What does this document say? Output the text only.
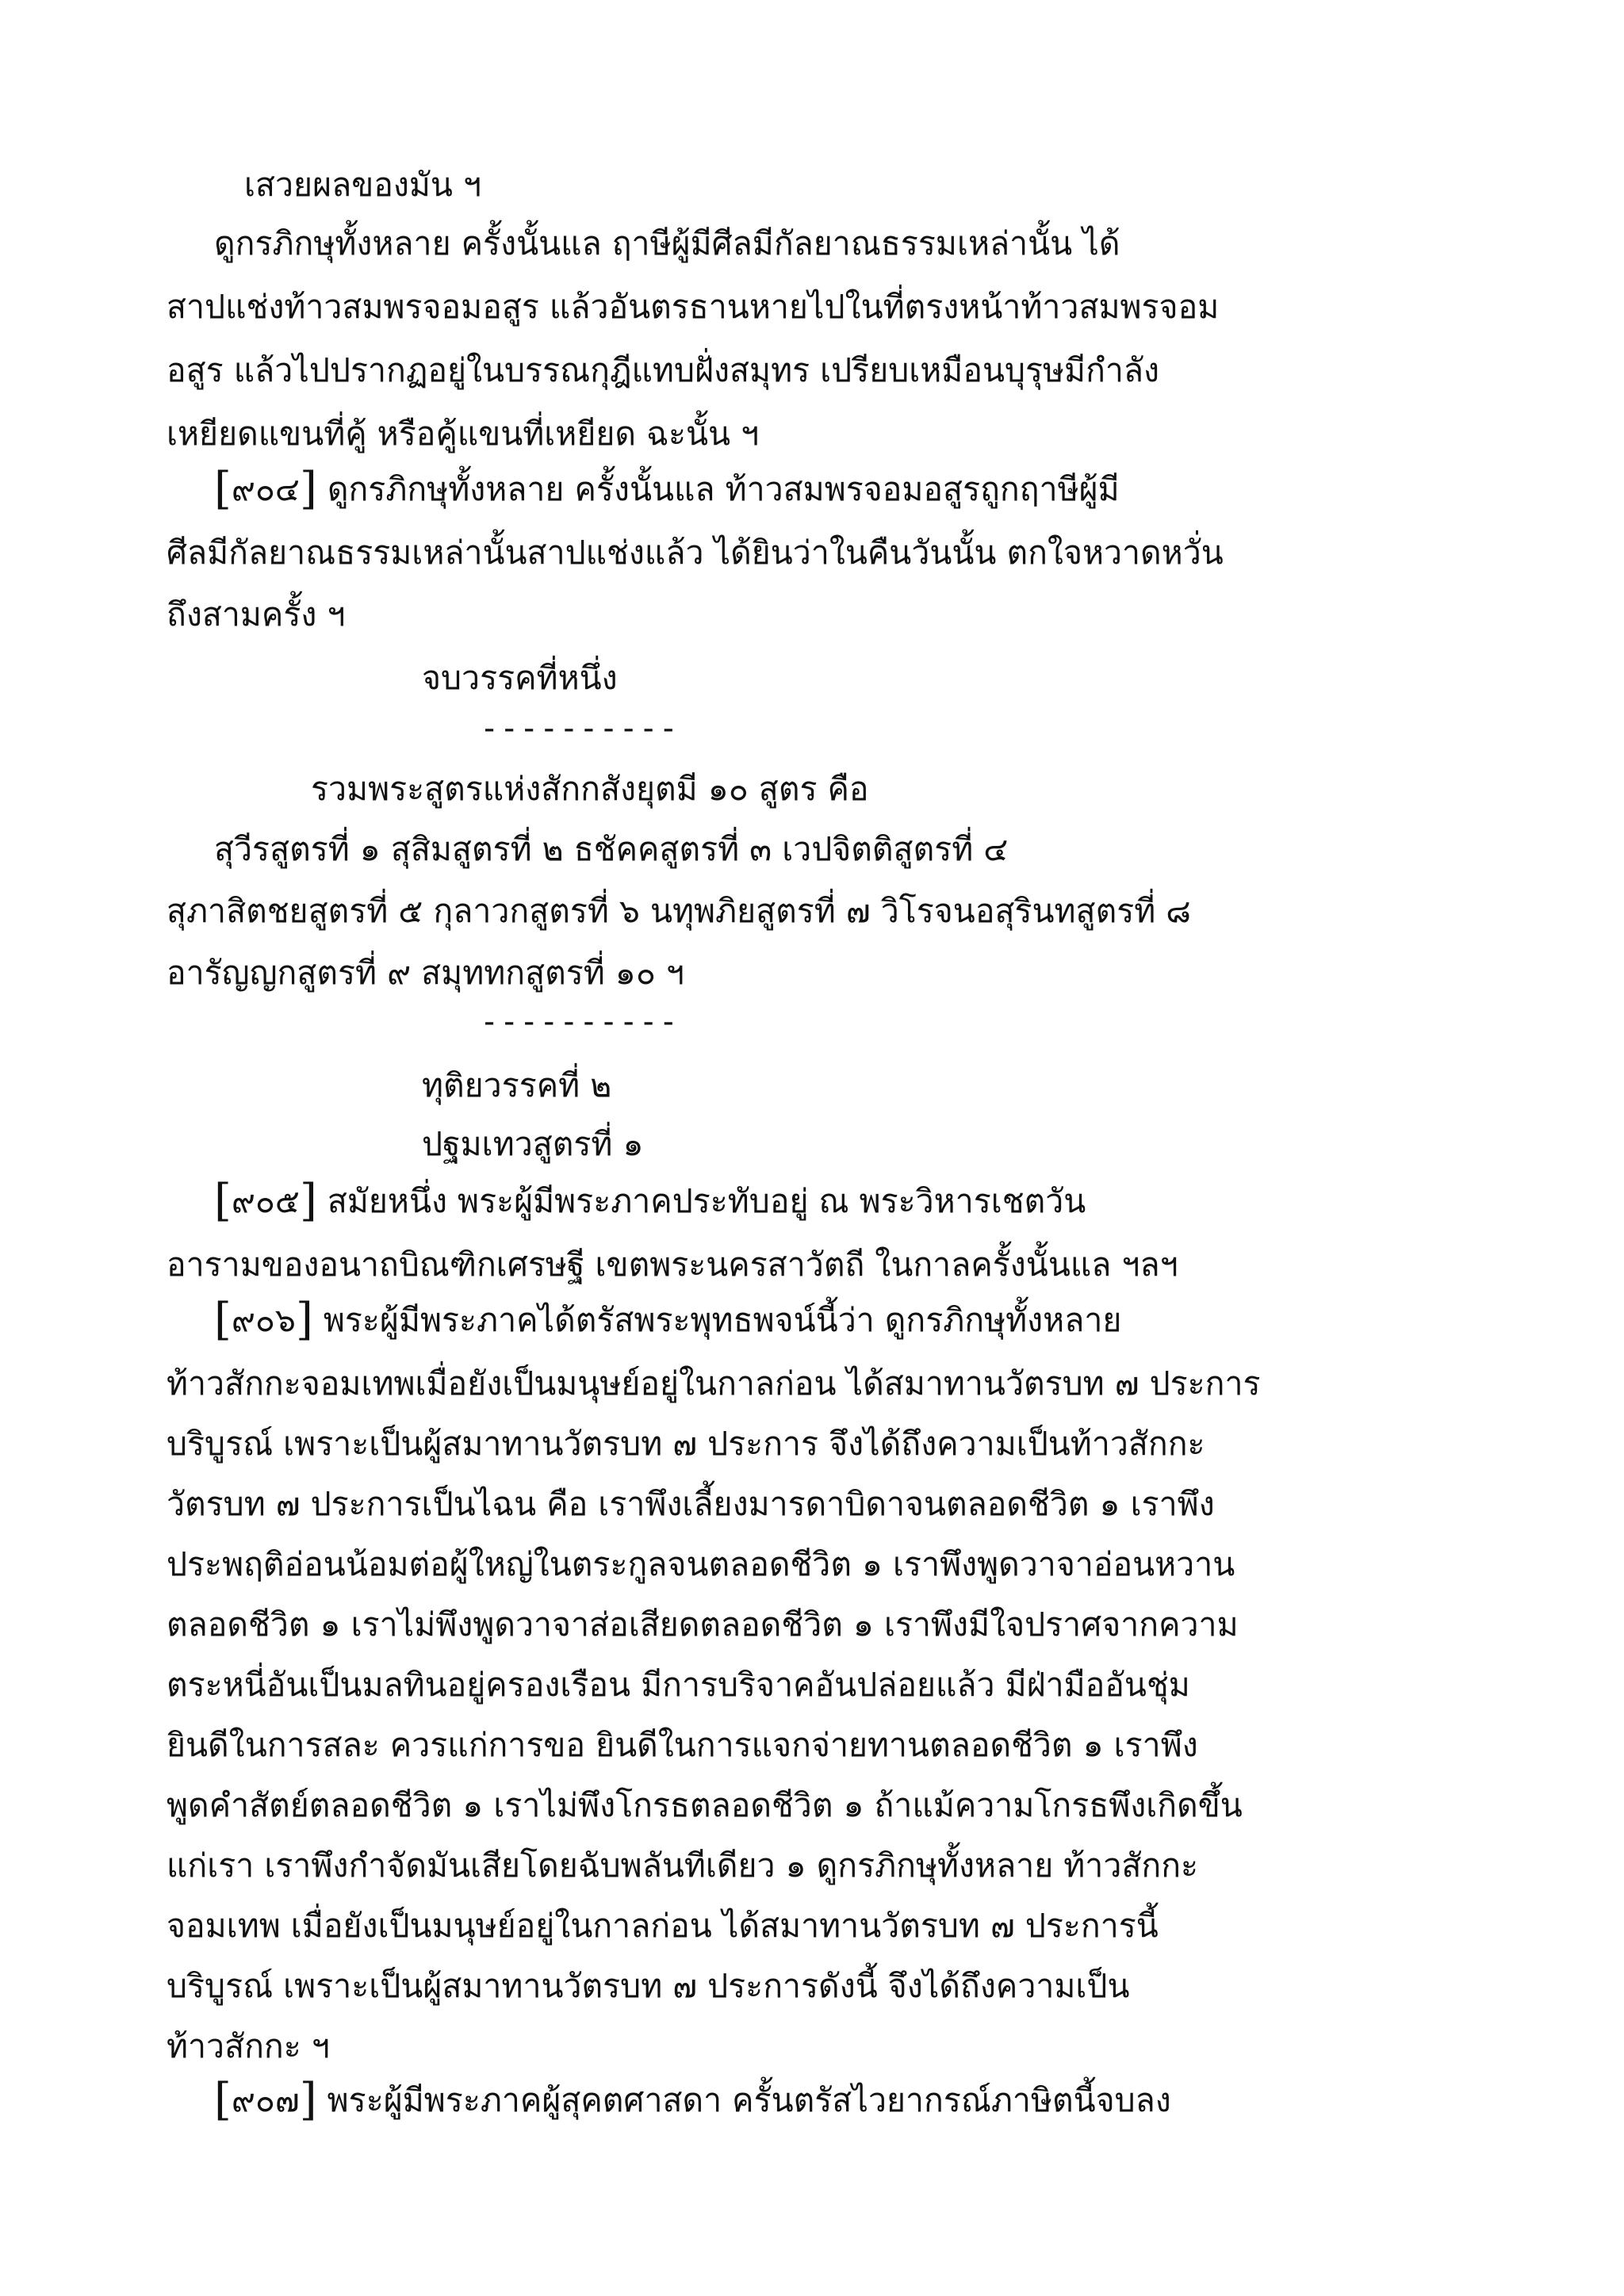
เสวยผลของมัน ฯ
ดูกรภิกษุทั้งหลาย ครั้งนั้นแล ฤาษีผู้มีศีลมีกัลยาณธรรมเหล่านั้น ได้
สาปแช่งท้าวสมพรจอมอสูร แล้วอันตรธานหายไปในที่ตรงหน้าท้าวสมพรจอม
อสูร แล้วไปปรากฏอยู่ในบรรณกุฎีแทบฝั่งสมุทร เปรียบเหมือนบุรุษมีกำลัง
เหยียดแขนที่คู้ หรือคู้แขนที่เหยียด ฉะนั้น ฯ
[๙๐๔] ดูกรภิกษุทั้งหลาย ครั้งนั้นแล ท้าวสมพรจอมอสูรถูกฤาษีผู้มี
ศีลมีกัลยาณธรรมเหล่านั้นสาปแช่งแล้ว ได้ยินว่าในคืนวันนั้น ตกใจหวาดหวั่น
ถึงสามครั้ง ฯ
จบวรรคที่หนึ่ง
----------
รวมพระสูตรแห่งสักกสังยุตมี ๑๐ สูตร คือ
สุวีรสูตรที่ ๑ สุสิมสูตรที่ ๒ ธชัคคสูตรที่ ๓ เวปจิตติสูตรที่ ๔
สุภาสิตชยสูตรที่ ๕ กุลาวกสูตรที่ ๖ นทุพภิยสูตรที่ ๗ วิโรจนอสุรินทสูตรที่ ๘
อารัญญกสูตรที่ ๙ สมุททกสูตรที่ ๑๐ ฯ
----------
ทุติยวรรคที่ ๒
ปฐมเทวสูตรที่ ๑
[๙๐๕] สมัยหนึ่ง พระผู้มีพระภาคประทับอยู่ ณ พระวิหารเชตวัน
อารามของอนาถบิณฑิกเศรษฐี เขตพระนครสาวัตถี ในกาลครั้งนั้นแล ฯลฯ
[๙๐๖] พระผู้มีพระภาคได้ตรัสพระพุทธพจน์นี้ว่า ดูกรภิกษุทั้งหลาย
ท้าวสักกะจอมเทพเมื่อยังเป็นมนุษย์อยู่ในกาลก่อน ได้สมาทานวัตรบท ๗ ประการ
บริบูรณ์ เพราะเป็นผู้สมาทานวัตรบท ๗ ประการ จึงได้ถึงความเป็นท้าวสักกะ
วัตรบท ๗ ประการเป็นไฉน คือ เราพึงเลี้ยงมารดาบิดาจนตลอดชีวิต ๑ เราพึง
ประพฤติอ่อนน้อมต่อผู้ใหญ่ในตระกูลจนตลอดชีวิต ๑ เราพึงพูดวาจาอ่อนหวาน
ตลอดชีวิต ๑ เราไม่พึงพูดวาจาส่อเสียดตลอดชีวิต ๑ เราพึงมีใจปราศจากความ
ตระหนี่อันเป็นมลทินอยู่ครองเรือน มีการบริจาคอันปล่อยแล้ว มีฝ่ามืออันชุ่ม
ยินดีในการสละ ควรแก่การขอ ยินดีในการแจกจ่ายทานตลอดชีวิต ๑ เราพึง
พูดคำสัตย์ตลอดชีวิต ๑ เราไม่พึงโกรธตลอดชีวิต ๑ ถ้าแม้ความโกรธพึงเกิดขึ้น
แก่เรา เราพึงกำจัดมันเสียโดยฉับพลันทีเดียว ๑ ดูกรภิกษุทั้งหลาย ท้าวสักกะ
จอมเทพ เมื่อยังเป็นมนุษย์อยู่ในกาลก่อน ได้สมาทานวัตรบท ๗ ประการนี้
บริบูรณ์ เพราะเป็นผู้สมาทานวัตรบท ๗ ประการดังนี้ จึงได้ถึงความเป็น
ท้าวสักกะ ฯ
[๙๐๗] พระผู้มีพระภาคผู้สุคตศาสดา ครั้นตรัสไวยากรณ์ภาษิตนี้จบลง
